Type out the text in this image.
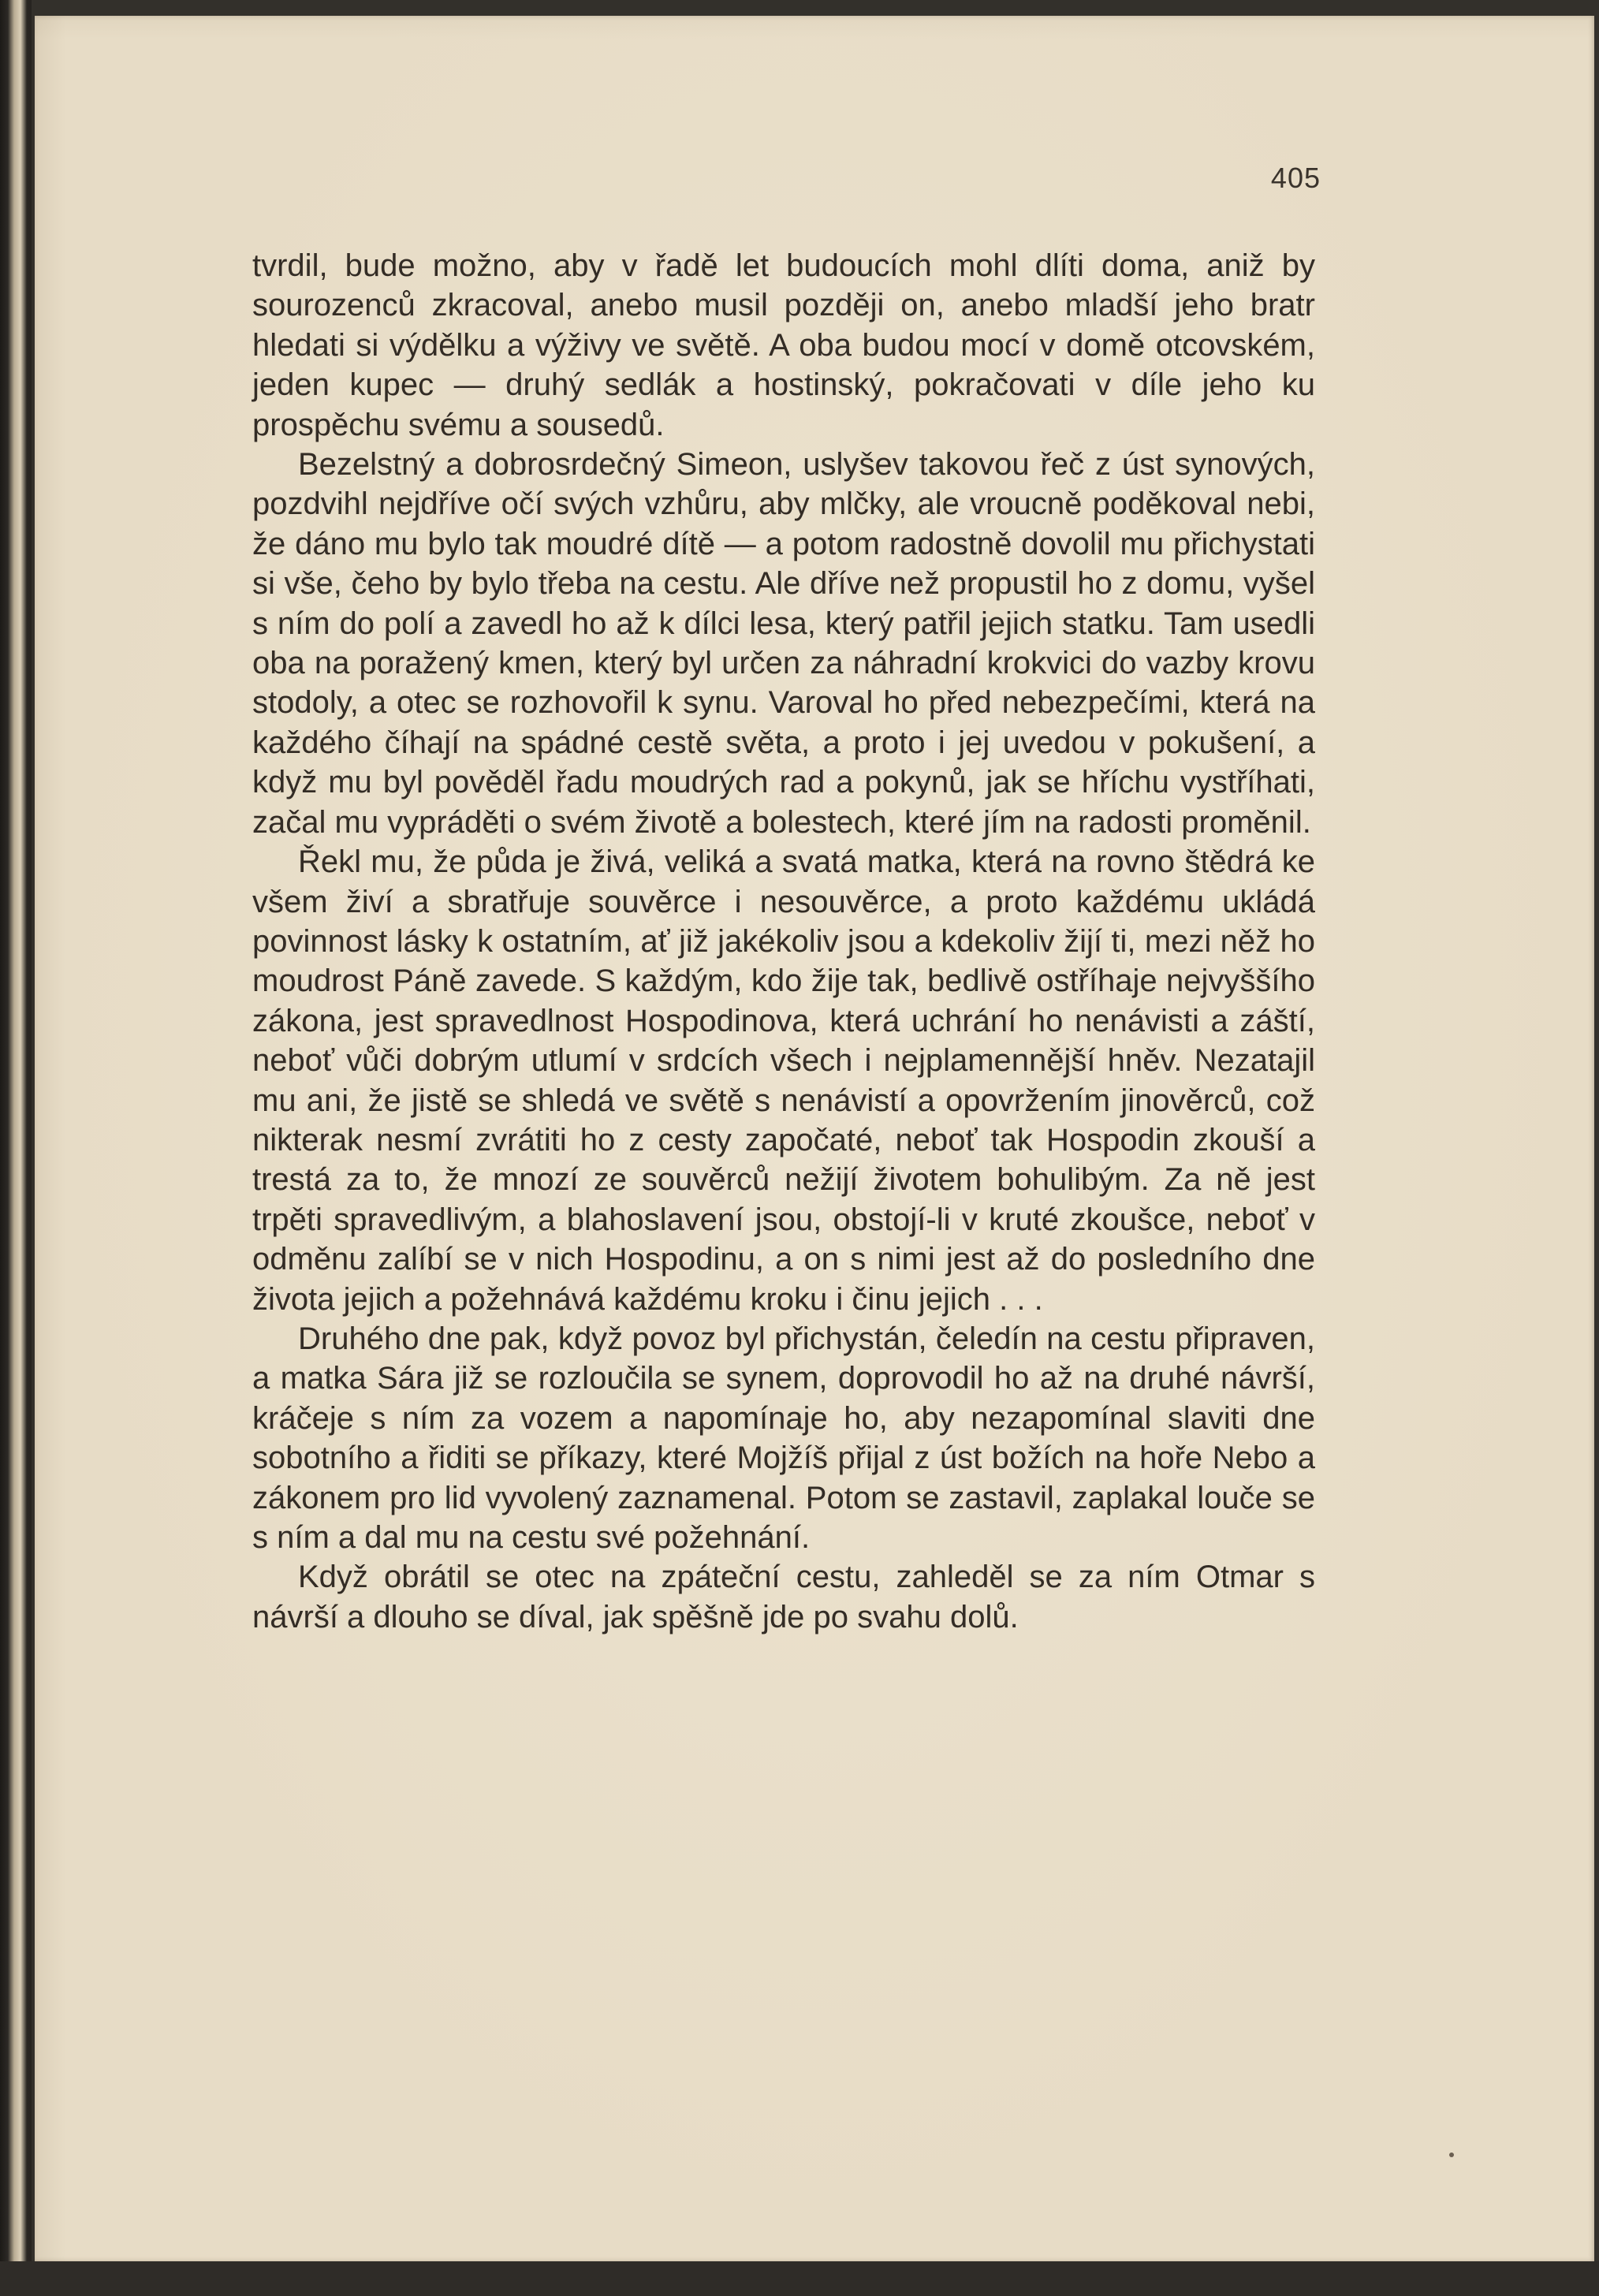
405

tvrdil, bude možno, aby v řadě let budoucích mohl dlíti doma, aniž by sourozenců zkracoval, anebo musil později on, anebo mladší jeho bratr hledati si výdělku a výživy ve světě. A oba budou mocí v domě otcovském, jeden kupec — druhý sedlák a hostinský, pokračovati v díle jeho ku prospěchu svému a sousedů.

Bezelstný a dobrosrdečný Simeon, uslyšev takovou řeč z úst synových, pozdvihl nejdříve očí svých vzhůru, aby mlčky, ale vroucně poděkoval nebi, že dáno mu bylo tak moudré dítě — a potom radostně dovolil mu přichystati si vše, čeho by bylo třeba na cestu. Ale dříve než propustil ho z domu, vyšel s ním do polí a zavedl ho až k dílci lesa, který patřil jejich statku. Tam usedli oba na poražený kmen, který byl určen za náhradní krokvici do vazby krovu stodoly, a otec se rozhovořil k synu. Varoval ho před nebezpečími, která na každého číhají na spádné cestě světa, a proto i jej uvedou v pokušení, a když mu byl pověděl řadu moudrých rad a pokynů, jak se hříchu vystříhati, začal mu vypráděti o svém životě a bolestech, které jím na radosti proměnil.

Řekl mu, že půda je živá, veliká a svatá matka, která na rovno štědrá ke všem živí a sbratřuje souvěrce i nesouvěrce, a proto každému ukládá povinnost lásky k ostatním, ať již jakékoliv jsou a kdekoliv žijí ti, mezi něž ho moudrost Páně zavede. S každým, kdo žije tak, bedlivě ostříhaje nejvyššího zákona, jest spravedlnost Hospodinova, která uchrání ho nenávisti a záští, neboť vůči dobrým utlumí v srdcích všech i nejplamennější hněv. Nezatajil mu ani, že jistě se shledá ve světě s nenávistí a opovržením jinověrců, což nikterak nesmí zvrátiti ho z cesty započaté, neboť tak Hospodin zkouší a trestá za to, že mnozí ze souvěrců nežijí životem bohulibým. Za ně jest trpěti spravedlivým, a blahoslavení jsou, obstojí-li v kruté zkoušce, neboť v odměnu zalíbí se v nich Hospodinu, a on s nimi jest až do posledního dne života jejich a požehnává každému kroku i činu jejich . . .

Druhého dne pak, když povoz byl přichystán, čeledín na cestu připraven, a matka Sára již se rozloučila se synem, doprovodil ho až na druhé návrší, kráčeje s ním za vozem a napomínaje ho, aby nezapomínal slaviti dne sobotního a řiditi se příkazy, které Mojžíš přijal z úst božích na hoře Nebo a zákonem pro lid vyvolený zaznamenal. Potom se zastavil, zaplakal louče se s ním a dal mu na cestu své požehnání.

Když obrátil se otec na zpáteční cestu, zahleděl se za ním Otmar s návrší a dlouho se díval, jak spěšně jde po svahu dolů.
